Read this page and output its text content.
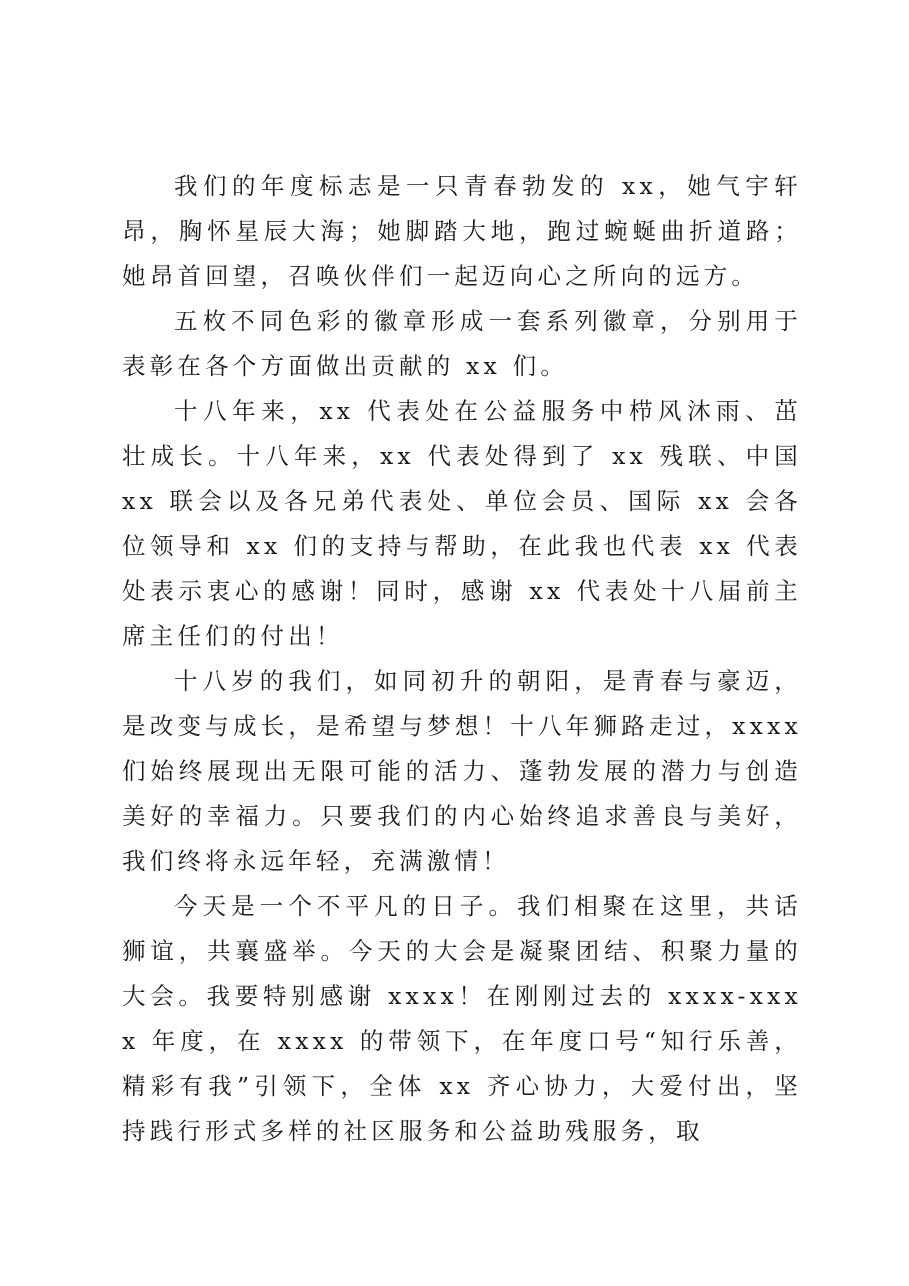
我们的年度标志是一只青春勃发的 xx，她气宇轩昂，胸怀星辰大海；她脚踏大地，跑过蜿蜒曲折道路；她昂首回望，召唤伙伴们一起迈向心之所向的远方。

五枚不同色彩的徽章形成一套系列徽章，分别用于表彰在各个方面做出贡献的 xx 们。

十八年来，xx 代表处在公益服务中栉风沐雨、茁壮成长。十八年来，xx 代表处得到了 xx 残联、中国 xx 联会以及各兄弟代表处、单位会员、国际 xx 会各位领导和 xx 们的支持与帮助，在此我也代表 xx 代表处表示衷心的感谢！同时，感谢 xx 代表处十八届前主席主任们的付出！

十八岁的我们，如同初升的朝阳，是青春与豪迈，是改变与成长，是希望与梦想！十八年狮路走过，xxxx 们始终展现出无限可能的活力、蓬勃发展的潜力与创造美好的幸福力。只要我们的内心始终追求善良与美好，我们终将永远年轻，充满激情！

今天是一个不平凡的日子。我们相聚在这里，共话狮谊，共襄盛举。今天的大会是凝聚团结、积聚力量的大会。我要特别感谢 xxxx！在刚刚过去的 xxxx-xxxx 年度，在 xxxx 的带领下，在年度口号“知行乐善，精彩有我”引领下，全体 xx 齐心协力，大爱付出，坚持践行形式多样的社区服务和公益助残服务，取
